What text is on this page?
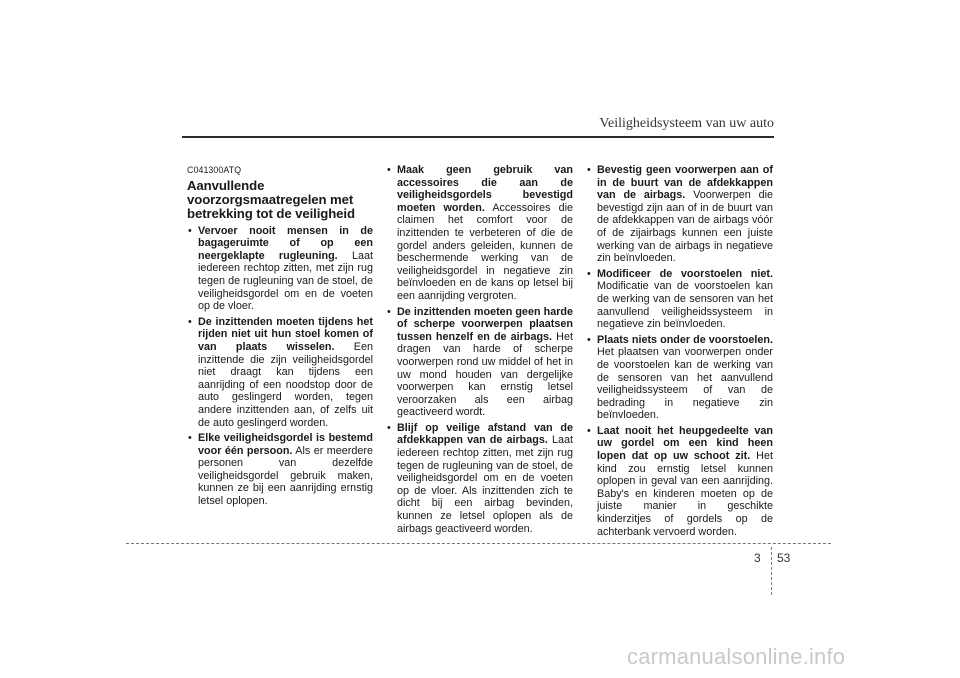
Veiligheidsysteem van uw auto
C041300ATQ
Aanvullende voorzorgsmaatregelen met betrekking tot de veiligheid
• Vervoer nooit mensen in de bagageruimte of op een neergeklapte rugleuning. Laat iedereen rechtop zitten, met zijn rug tegen de rugleuning van de stoel, de veiligheidsgordel om en de voeten op de vloer.
• De inzittenden moeten tijdens het rijden niet uit hun stoel komen of van plaats wisselen. Een inzittende die zijn veiligheidsgordel niet draagt kan tijdens een aanrijding of een noodstop door de auto geslingerd worden, tegen andere inzittenden aan, of zelfs uit de auto geslingerd worden.
• Elke veiligheidsgordel is bestemd voor één persoon. Als er meerdere personen van dezelfde veiligheidsgordel gebruik maken, kunnen ze bij een aanrijding ernstig letsel oplopen.
• Maak geen gebruik van accessoires die aan de veiligheidsgordels bevestigd moeten worden. Accessoires die claimen het comfort voor de inzittenden te verbeteren of die de gordel anders geleiden, kunnen de beschermende werking van de veiligheidsgordel in negatieve zin beïnvloeden en de kans op letsel bij een aanrijding vergroten.
• De inzittenden moeten geen harde of scherpe voorwerpen plaatsen tussen henzelf en de airbags. Het dragen van harde of scherpe voorwerpen rond uw middel of het in uw mond houden van dergelijke voorwerpen kan ernstig letsel veroorzaken als een airbag geactiveerd wordt.
• Blijf op veilige afstand van de afdekkappen van de airbags. Laat iedereen rechtop zitten, met zijn rug tegen de rugleuning van de stoel, de veiligheidsgordel om en de voeten op de vloer. Als inzittenden zich te dicht bij een airbag bevinden, kunnen ze letsel oplopen als de airbags geactiveerd worden.
• Bevestig geen voorwerpen aan of in de buurt van de afdekkappen van de airbags. Voorwerpen die bevestigd zijn aan of in de buurt van de afdekkappen van de airbags vóór of de zijairbags kunnen een juiste werking van de airbags in negatieve zin beïnvloeden.
• Modificeer de voorstoelen niet. Modificatie van de voorstoelen kan de werking van de sensoren van het aanvullend veiligheidssysteem in negatieve zin beïnvloeden.
• Plaats niets onder de voorstoelen. Het plaatsen van voorwerpen onder de voorstoelen kan de werking van de sensoren van het aanvullend veiligheidssysteem of van de bedrading in negatieve zin beïnvloeden.
• Laat nooit het heupgedeelte van uw gordel om een kind heen lopen dat op uw schoot zit. Het kind zou ernstig letsel kunnen oplopen in geval van een aanrijding. Baby's en kinderen moeten op de juiste manier in geschikte kinderzitjes of gordels op de achterbank vervoerd worden.
3 53
carmanualsonline.info
